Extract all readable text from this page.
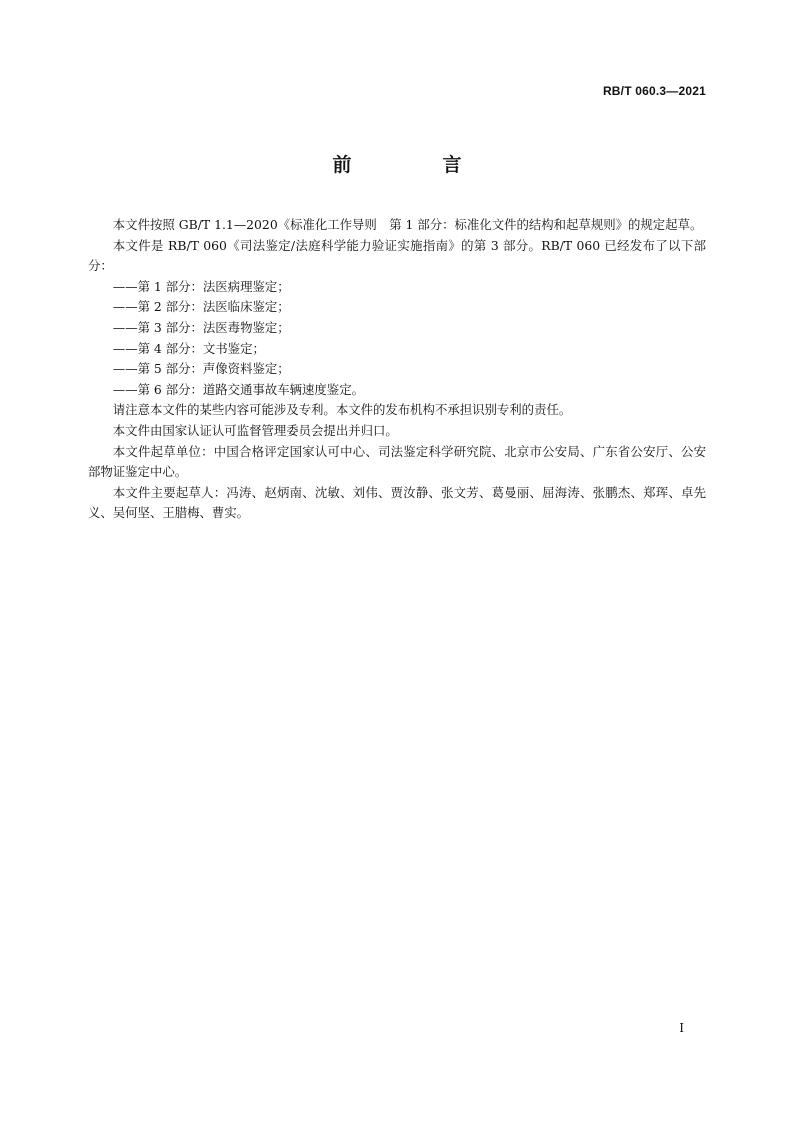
RB/T 060.3—2021
前　言

本文件按照 GB/T 1.1—2020《标准化工作导则　第 1 部分：标准化文件的结构和起草规则》的规定起草。

本文件是 RB/T 060《司法鉴定/法庭科学能力验证实施指南》的第 3 部分。RB/T 060 已经发布了以下部分：

——第 1 部分：法医病理鉴定；

——第 2 部分：法医临床鉴定；

——第 3 部分：法医毒物鉴定；

——第 4 部分：文书鉴定；

——第 5 部分：声像资料鉴定；

——第 6 部分：道路交通事故车辆速度鉴定。

请注意本文件的某些内容可能涉及专利。本文件的发布机构不承担识别专利的责任。

本文件由国家认证认可监督管理委员会提出并归口。

本文件起草单位：中国合格评定国家认可中心、司法鉴定科学研究院、北京市公安局、广东省公安厅、公安部物证鉴定中心。

本文件主要起草人：冯涛、赵炳南、沈敏、刘伟、贾汝静、张文芳、葛曼丽、屈海涛、张鹏杰、郑珲、卓先义、吴何坚、王腊梅、曹实。

I
